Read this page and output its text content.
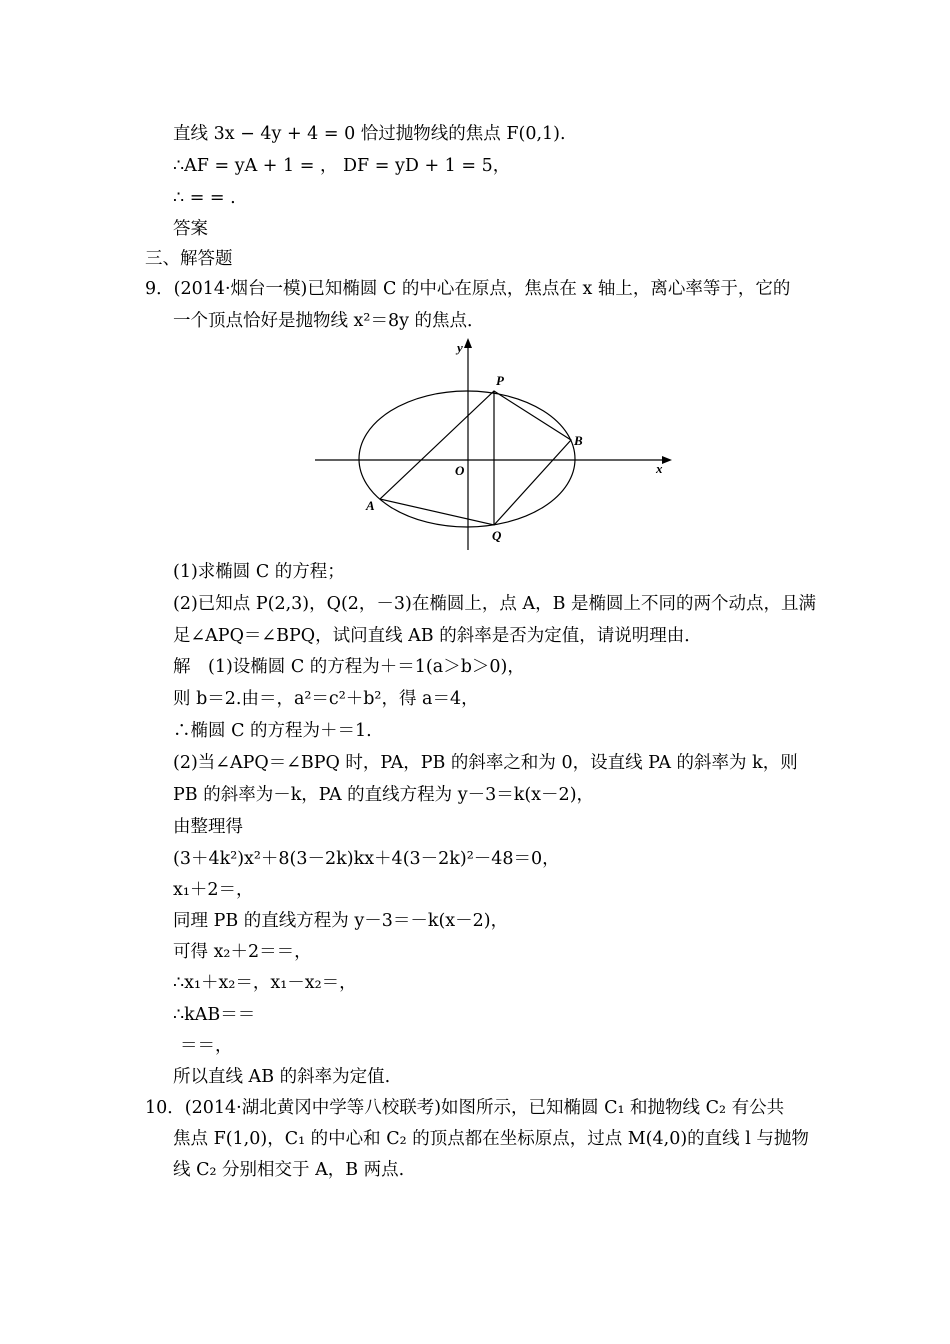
直线 3x − 4y + 4 = 0 恰过抛物线的焦点 F(0,1).
∴AF = yA + 1 = ， DF = yD + 1 = 5，
∴ = = .
答案
三、解答题
9．(2014·烟台一模)已知椭圆 C 的中心在原点，焦点在 x 轴上，离心率等于，它的
一个顶点恰好是抛物线 x²＝8y 的焦点．
y
x
O
P
B
A
Q
(1)求椭圆 C 的方程；
(2)已知点 P(2,3)，Q(2，－3)在椭圆上，点 A，B 是椭圆上不同的两个动点，且满
足∠APQ＝∠BPQ，试问直线 AB 的斜率是否为定值，请说明理由．
解　(1)设椭圆 C 的方程为＋＝1(a＞b＞0)，
则 b＝2.由＝，a²＝c²＋b²，得 a＝4，
∴椭圆 C 的方程为＋＝1.
(2)当∠APQ＝∠BPQ 时，PA，PB 的斜率之和为 0，设直线 PA 的斜率为 k，则
PB 的斜率为－k，PA 的直线方程为 y－3＝k(x－2)，
由整理得
(3＋4k²)x²＋8(3－2k)kx＋4(3－2k)²－48＝0，
x₁＋2＝，
同理 PB 的直线方程为 y－3＝－k(x－2)，
可得 x₂＋2＝＝，
∴x₁＋x₂＝，x₁－x₂＝，
∴kAB＝＝
＝＝，
所以直线 AB 的斜率为定值.
10．(2014·湖北黄冈中学等八校联考)如图所示，已知椭圆 C₁ 和抛物线 C₂ 有公共
焦点 F(1,0)，C₁ 的中心和 C₂ 的顶点都在坐标原点，过点 M(4,0)的直线 l 与抛物
线 C₂ 分别相交于 A，B 两点.
